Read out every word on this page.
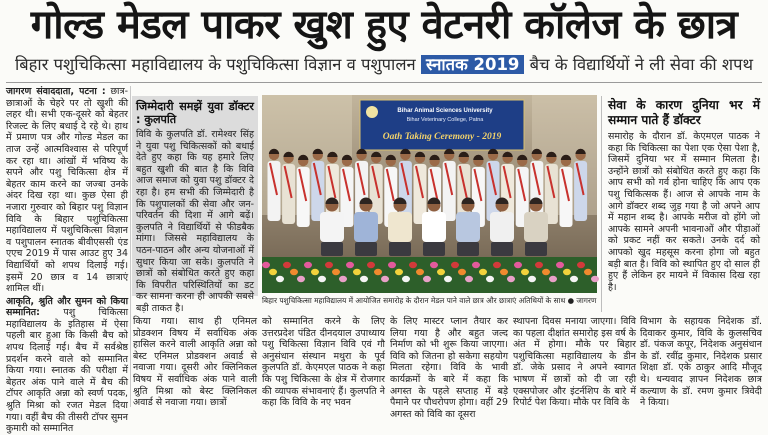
गोल्ड मेडल पाकर खुश हुए वेटनरी कॉलेज के छात्र
बिहार पशुचिकित्सा महाविद्यालय के पशुचिकित्सा विज्ञान व पशुपालन स्नातक 2019 बैच के विद्यार्थियों ने ली सेवा की शपथ

जागरण संवाददाता, पटना : छात्र-छात्राओं के चेहरे पर तो खुशी की लहर थी। सभी एक-दूसरे को बेहतर रिजल्ट के लिए बधाई दे रहे थे। हाथ में प्रमाण पत्र और गोल्ड मेडल का ताज उन्हें आत्मविश्वास से परिपूर्ण कर रहा था। आंखों में भविष्य के सपने और पशु चिकित्सा क्षेत्र में बेहतर काम करने का जज्बा उनके अंदर दिख रहा था। कुछ ऐसा ही नजारा गुरुवार को बिहार पशु विज्ञान विवि के बिहार पशुचिकित्सा महाविद्यालय में पशुचिकित्सा विज्ञान व पशुपालन स्नातक बीवीएससी एंड एएच 2019 में पास आउट हुए 34 विद्यार्थियों को शपथ दिलाई गई। इसमें 20 छात्र व 14 छात्राएं शामिल थीं।

आकृति, श्रुति और सुमन को किया सम्मानित: पशु चिकित्सा महाविद्यालय के इतिहास में ऐसा पहली बार हुआ कि किसी बैच को शपथ दिलाई गई। बैच में सर्वश्रेष्ठ प्रदर्शन करने वाले को सम्मानित किया गया। स्नातक की परीक्षा में बेहतर अंक पाने वाले में बैच की टॉपर आकृति अन्ना को स्वर्ण पदक, श्रुति मिश्रा को रजत मेडल दिया गया। वहीं बैच की तीसरी टॉपर सुमन कुमारी को सम्मानित

जिम्मेदारी समझें युवा डॉक्टर : कुलपति

विवि के कुलपति डॉ. रामेश्वर सिंह ने युवा पशु चिकित्सकों को बधाई देते हुए कहा कि यह हमारे लिए बहुत खुशी की बात है कि विवि आज समाज को युवा पशु डॉक्टर दे रहा है। हम सभी की जिम्मेदारी है कि पशुपालकों की सेवा और जन-परिवर्तन की दिशा में आगे बढ़ें। कुलपति ने विद्यार्थियों से फीडबैक मांगा। जिससे महाविद्यालय के पठन-पाठन और अन्य योजनाओं में सुधार किया जा सके। कुलपति ने छात्रों को संबोधित करते हुए कहा कि विपरीत परिस्थितियों का डट कर सामना करना ही आपकी सबसे बड़ी ताकत है।

Bihar Animal Sciences University
Bihar Veterinary College, Patna
Oath Taking Ceremony - 2019
बिहार पशुचिकित्सा महाविद्यालय में आयोजित समारोह के दौरान मेडल पाने वाले छात्र और छात्राएं अतिथियों के साथ ● जागरण
सेवा के कारण दुनिया भर में सम्मान पाते हैं डॉक्टर

समारोह के दौरान डॉ. केएमएल पाठक ने कहा कि चिकित्सा का पेशा एक ऐसा पेशा है, जिसमें दुनिया भर में सम्मान मिलता है। उन्होंने छात्रों को संबोधित करते हुए कहा कि आप सभी को गर्व होना चाहिए कि आप एक पशु चिकित्सक हैं। आज से आपके नाम के आगे डॉक्टर शब्द जुड़ गया है जो अपने आप में महान शब्द है। आपके मरीज वो होंगे जो आपके सामने अपनी भावनाओं और पीड़ाओं को प्रकट नहीं कर सकते। उनके दर्द को आपको खुद महसूस करना होगा जो बहुत बड़ी बात है। विवि को स्थापित हुए दो साल ही हुए हैं लेकिन हर मायने में विकास दिख रहा है।

किया गया। साथ ही एनिमल प्रोडक्शन विषय में सर्वाधिक अंक हासिल करने वाली आकृति अन्ना को बेस्ट एनिमल प्रोडक्शन अवार्ड से नवाजा गया। दूसरी ओर क्लिनिकल विषय में सर्वाधिक अंक पाने वाली श्रुति मिश्रा को बेस्ट क्लिनिकल अवार्ड से नवाजा गया। छात्रों

को सम्मानित करने के लिए उत्तरप्रदेश पंडित दीनदयाल उपाध्याय पशु चिकित्सा विज्ञान विवि एवं गौ अनुसंधान संस्थान मथुरा के पूर्व कुलपति डॉ. केएमएल पाठक ने कहा कि पशु चिकित्सा के क्षेत्र में रोजगार की व्यापक संभावनाएं हैं। कुलपति ने कहा कि विवि के नए भवन

के लिए मास्टर प्लान तैयार कर लिया गया है और बहुत जल्द निर्माण को भी शुरू किया जाएगा। विवि को जितना हो सकेगा सहयोग मिलता रहेगा। विवि के भावी कार्यक्रमों के बारे में कहा कि अगस्त के पहले सप्ताह में बड़े पैमाने पर पौधरोपण होगा। वहीं 29 अगस्त को विवि का दूसरा

स्थापना दिवस मनाया जाएगा। विवि का पहला दीक्षांत समारोह इस वर्ष के अंत में होगा। मौके पर बिहार पशुचिकित्सा महाविद्यालय के डीन डॉ. जेके प्रसाद ने अपने स्वागत भाषण में छात्रों को दी जा रही एक्सपोजर और इंटर्नशिप के बारे में रिपोर्ट पेश किया। मौके पर विवि के

विभाग के सहायक निदेशक डॉ. दिवाकर कुमार, विवि के कुलसचिव डॉ. पंकज कपूर, निदेशक अनुसंधान के डॉ. रवींद्र कुमार, निदेशक प्रसार शिक्षा डॉ. एके ठाकुर आदि मौजूद थे। धन्यवाद ज्ञापन निदेशक छात्र कल्याण के डॉ. रमण कुमार त्रिवेदी ने किया।
